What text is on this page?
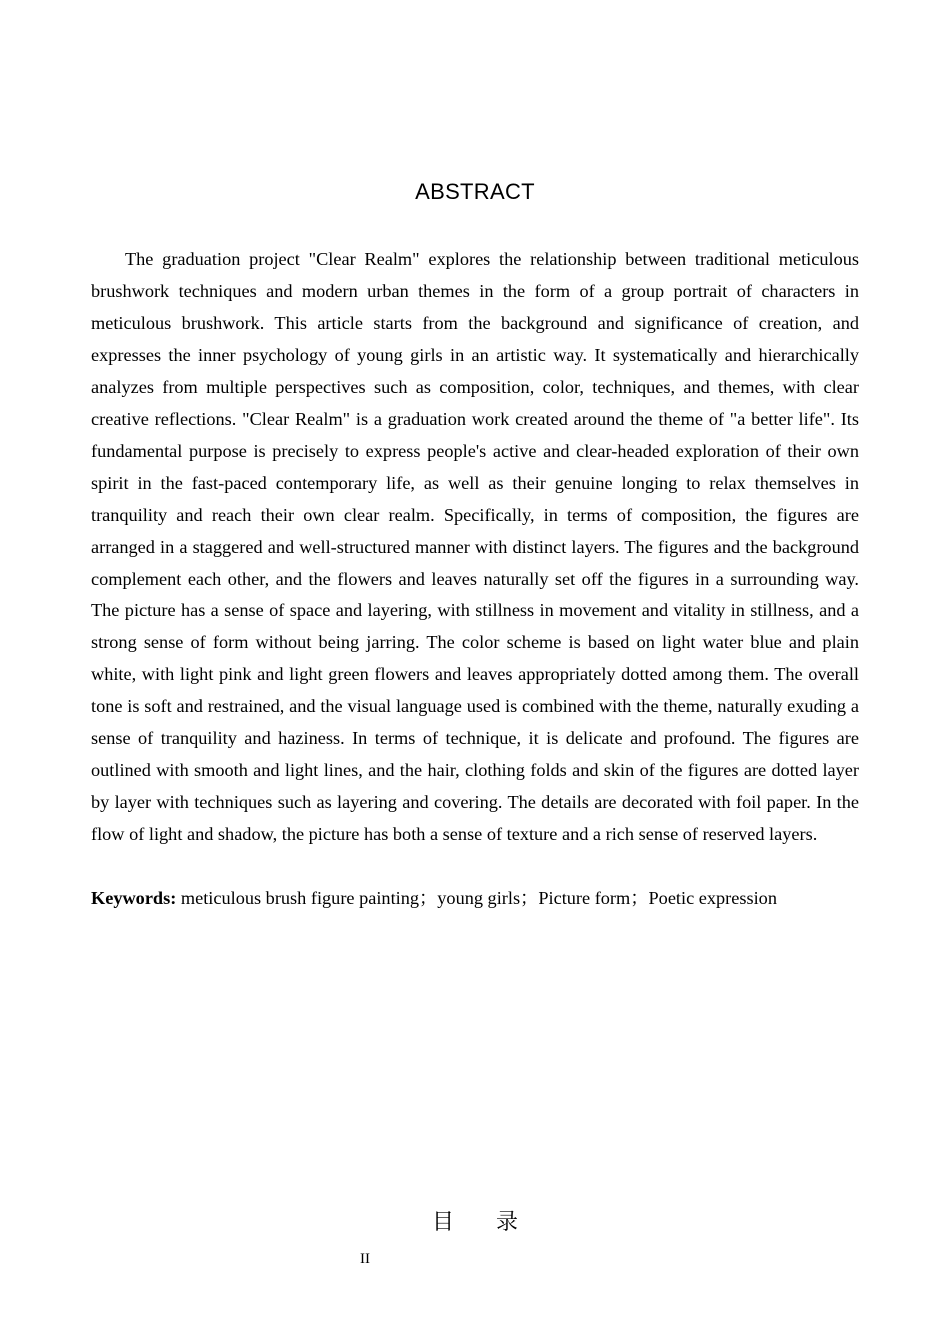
ABSTRACT

The graduation project "Clear Realm" explores the relationship between traditional meticulous brushwork techniques and modern urban themes in the form of a group portrait of characters in meticulous brushwork. This article starts from the background and significance of creation, and expresses the inner psychology of young girls in an artistic way. It systematically and hierarchically analyzes from multiple perspectives such as composition, color, techniques, and themes, with clear creative reflections. "Clear Realm" is a graduation work created around the theme of "a better life". Its fundamental purpose is precisely to express people's active and clear-headed exploration of their own spirit in the fast-paced contemporary life, as well as their genuine longing to relax themselves in tranquility and reach their own clear realm. Specifically, in terms of composition, the figures are arranged in a staggered and well-structured manner with distinct layers. The figures and the background complement each other, and the flowers and leaves naturally set off the figures in a surrounding way. The picture has a sense of space and layering, with stillness in movement and vitality in stillness, and a strong sense of form without being jarring. The color scheme is based on light water blue and plain white, with light pink and light green flowers and leaves appropriately dotted among them. The overall tone is soft and restrained, and the visual language used is combined with the theme, naturally exuding a sense of tranquility and haziness. In terms of technique, it is delicate and profound. The figures are outlined with smooth and light lines, and the hair, clothing folds and skin of the figures are dotted layer by layer with techniques such as layering and covering. The details are decorated with foil paper. In the flow of light and shadow, the picture has both a sense of texture and a rich sense of reserved layers.

Keywords: meticulous brush figure painting；young girls；Picture form；Poetic expression
目 录
II
